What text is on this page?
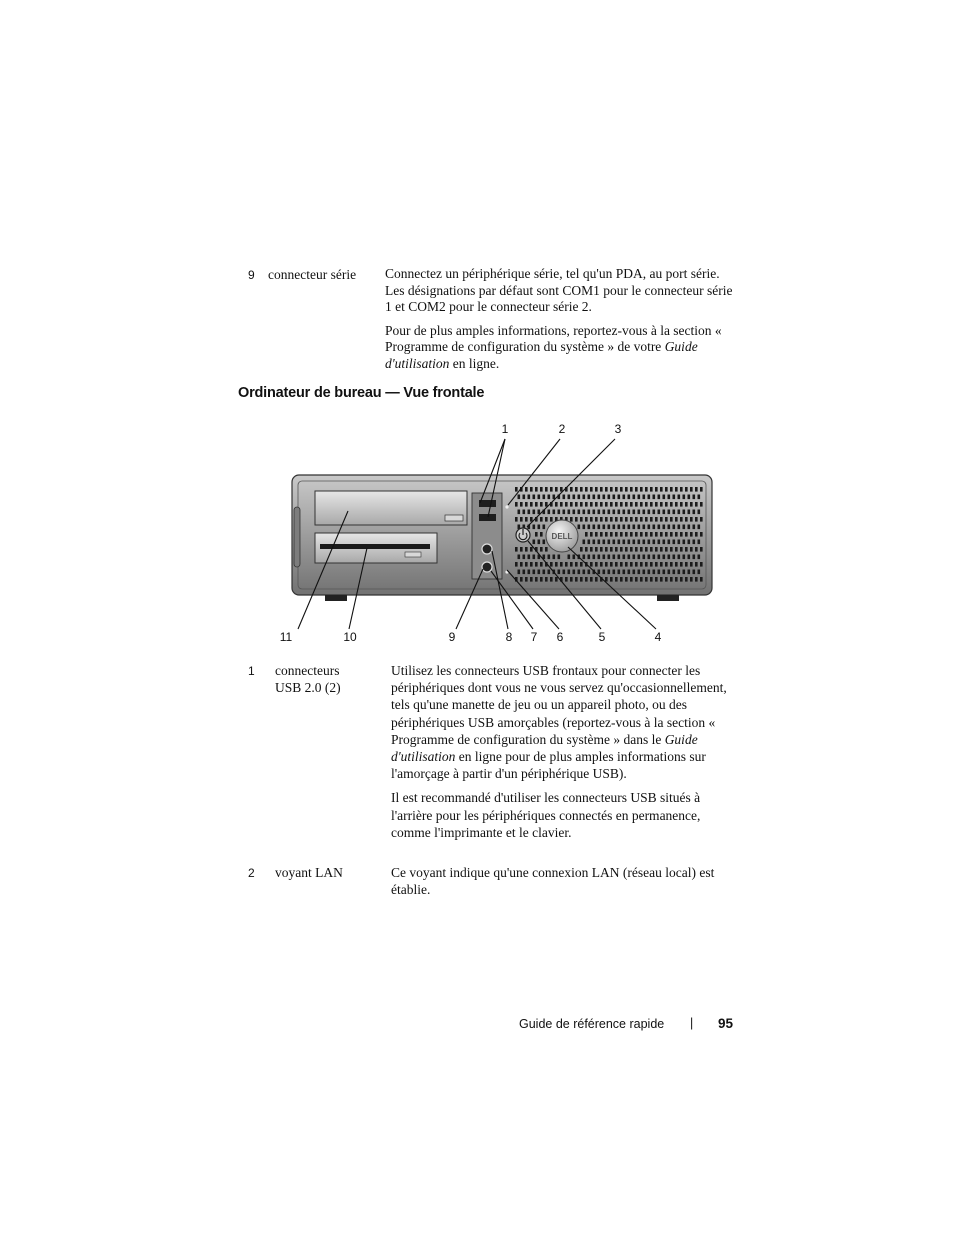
9 connecteur série	Connectez un périphérique série, tel qu'un PDA, au port série. Les désignations par défaut sont COM1 pour le connecteur série 1 et COM2 pour le connecteur série 2.

Pour de plus amples informations, reportez-vous à la section « Programme de configuration du système » de votre Guide d'utilisation en ligne.

Ordinateur de bureau — Vue frontale
DELL
1	2	3
11	10	9	8	7	6	5	4
1 connecteurs
USB 2.0 (2)

Utilisez les connecteurs USB frontaux pour connecter les périphériques dont vous ne vous servez qu'occasionnellement, tels qu'une manette de jeu ou un appareil photo, ou des périphériques USB amorçables (reportez-vous à la section « Programme de configuration du système » dans le Guide d'utilisation en ligne pour de plus amples informations sur l'amorçage à partir d'un périphérique USB).

Il est recommandé d'utiliser les connecteurs USB situés à l'arrière pour les périphériques connectés en permanence, comme l'imprimante et le clavier.

2 voyant LAN	Ce voyant indique qu'une connexion LAN (réseau local) est établie.

Guide de référence rapide | 95
